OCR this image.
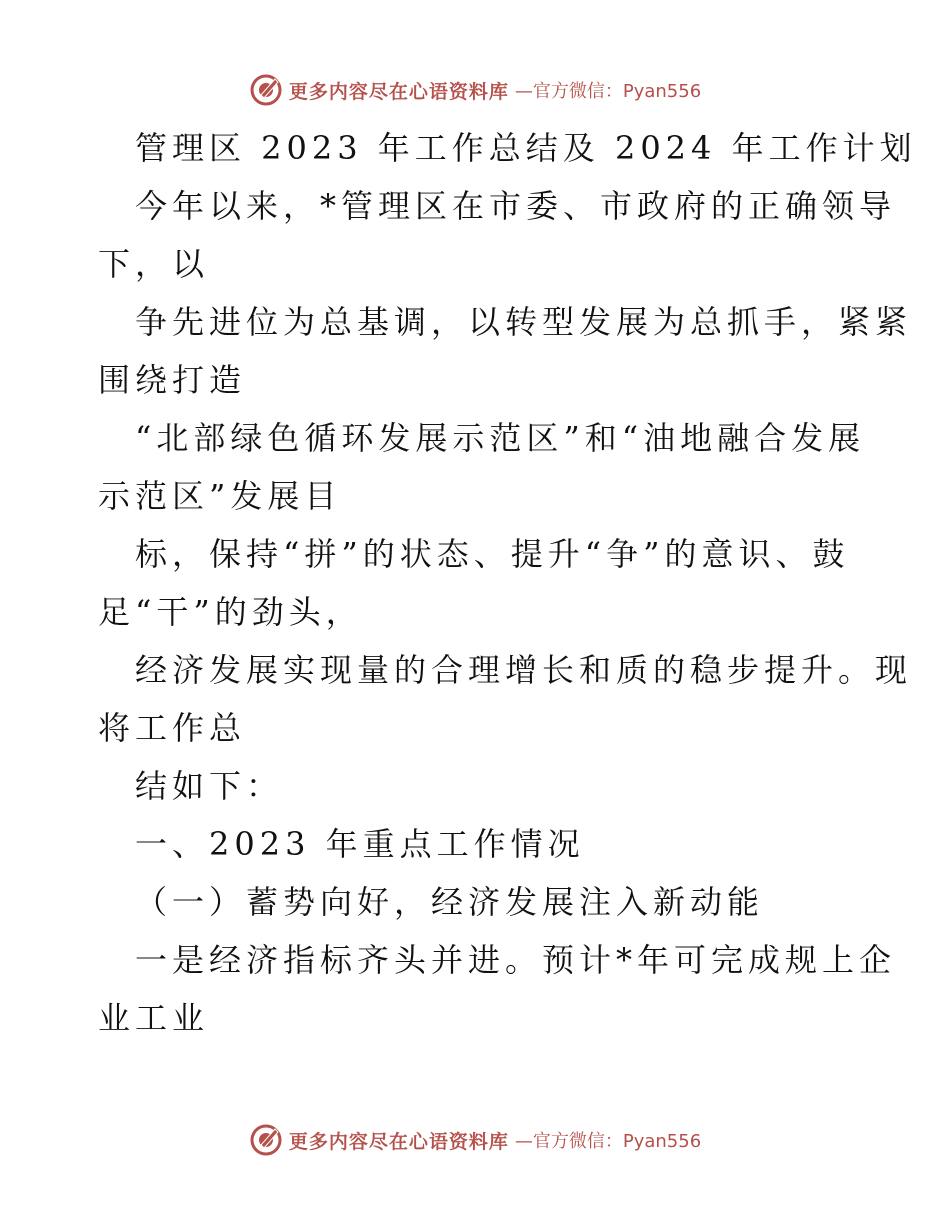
更多内容尽在心语资料库 —官方微信：Pyan556
管理区 2023 年工作总结及 2024 年工作计划
今年以来，*管理区在市委、市政府的正确领导
下，以
争先进位为总基调，以转型发展为总抓手，紧紧
围绕打造
“北部绿色循环发展示范区”和“油地融合发展
示范区”发展目
标，保持“拼”的状态、提升“争”的意识、鼓
足“干”的劲头，
经济发展实现量的合理增长和质的稳步提升。现
将工作总
结如下：
一、2023 年重点工作情况
（一）蓄势向好，经济发展注入新动能
一是经济指标齐头并进。预计*年可完成规上企
业工业
更多内容尽在心语资料库 —官方微信：Pyan556
